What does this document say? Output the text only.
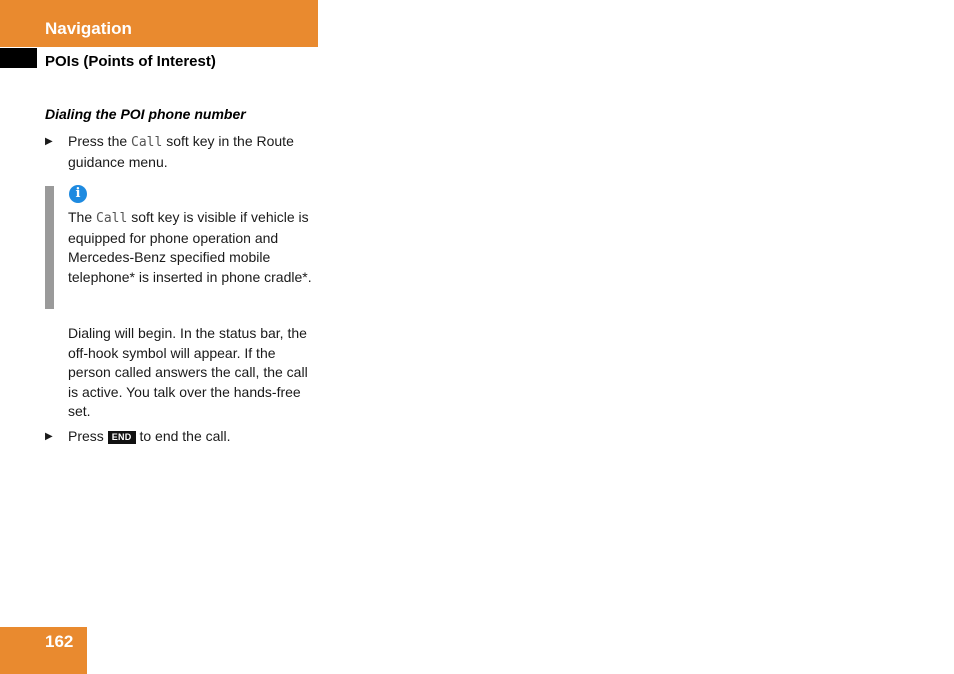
Navigation
POIs (Points of Interest)
Dialing the POI phone number
▶ Press the Call soft key in the Route guidance menu.
i
The Call soft key is visible if vehicle is equipped for phone operation and Mercedes-Benz specified mobile telephone* is inserted in phone cradle*.
Dialing will begin. In the status bar, the off-hook symbol will appear. If the person called answers the call, the call is active. You talk over the hands-free set.
▶ Press END to end the call.
162
